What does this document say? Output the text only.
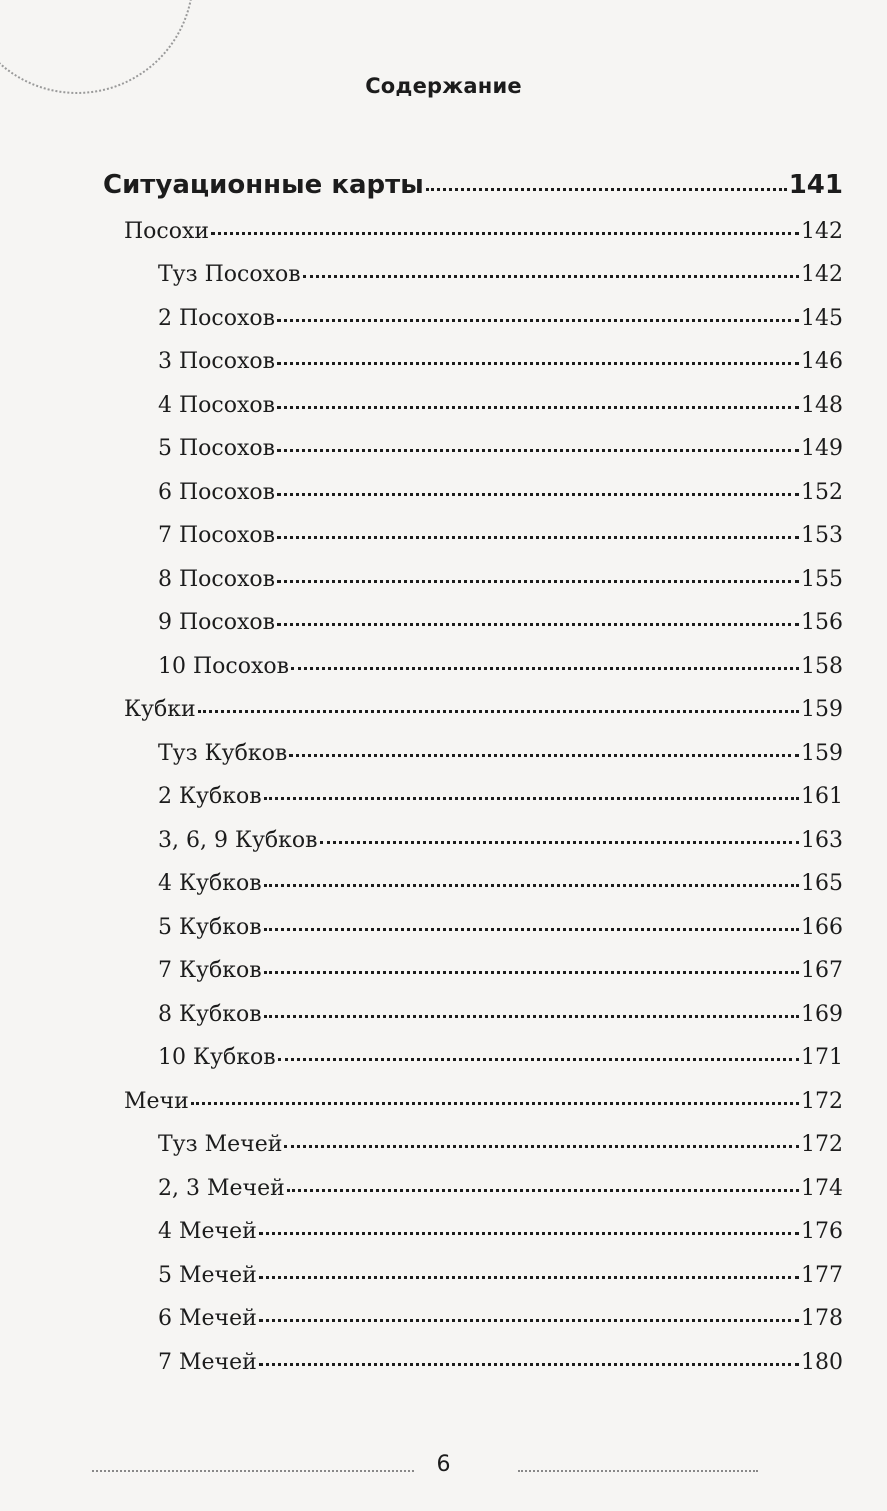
Содержание
Ситуационные карты	141
Посохи	142
Туз Посохов	142
2 Посохов	145
3 Посохов	146
4 Посохов	148
5 Посохов	149
6 Посохов	152
7 Посохов	153
8 Посохов	155
9 Посохов	156
10 Посохов	158
Кубки	159
Туз Кубков	159
2 Кубков	161
3, 6, 9 Кубков	163
4 Кубков	165
5 Кубков	166
7 Кубков	167
8 Кубков	169
10 Кубков	171
Мечи	172
Туз Мечей	172
2, 3 Мечей	174
4 Мечей	176
5 Мечей	177
6 Мечей	178
7 Мечей	180
6
